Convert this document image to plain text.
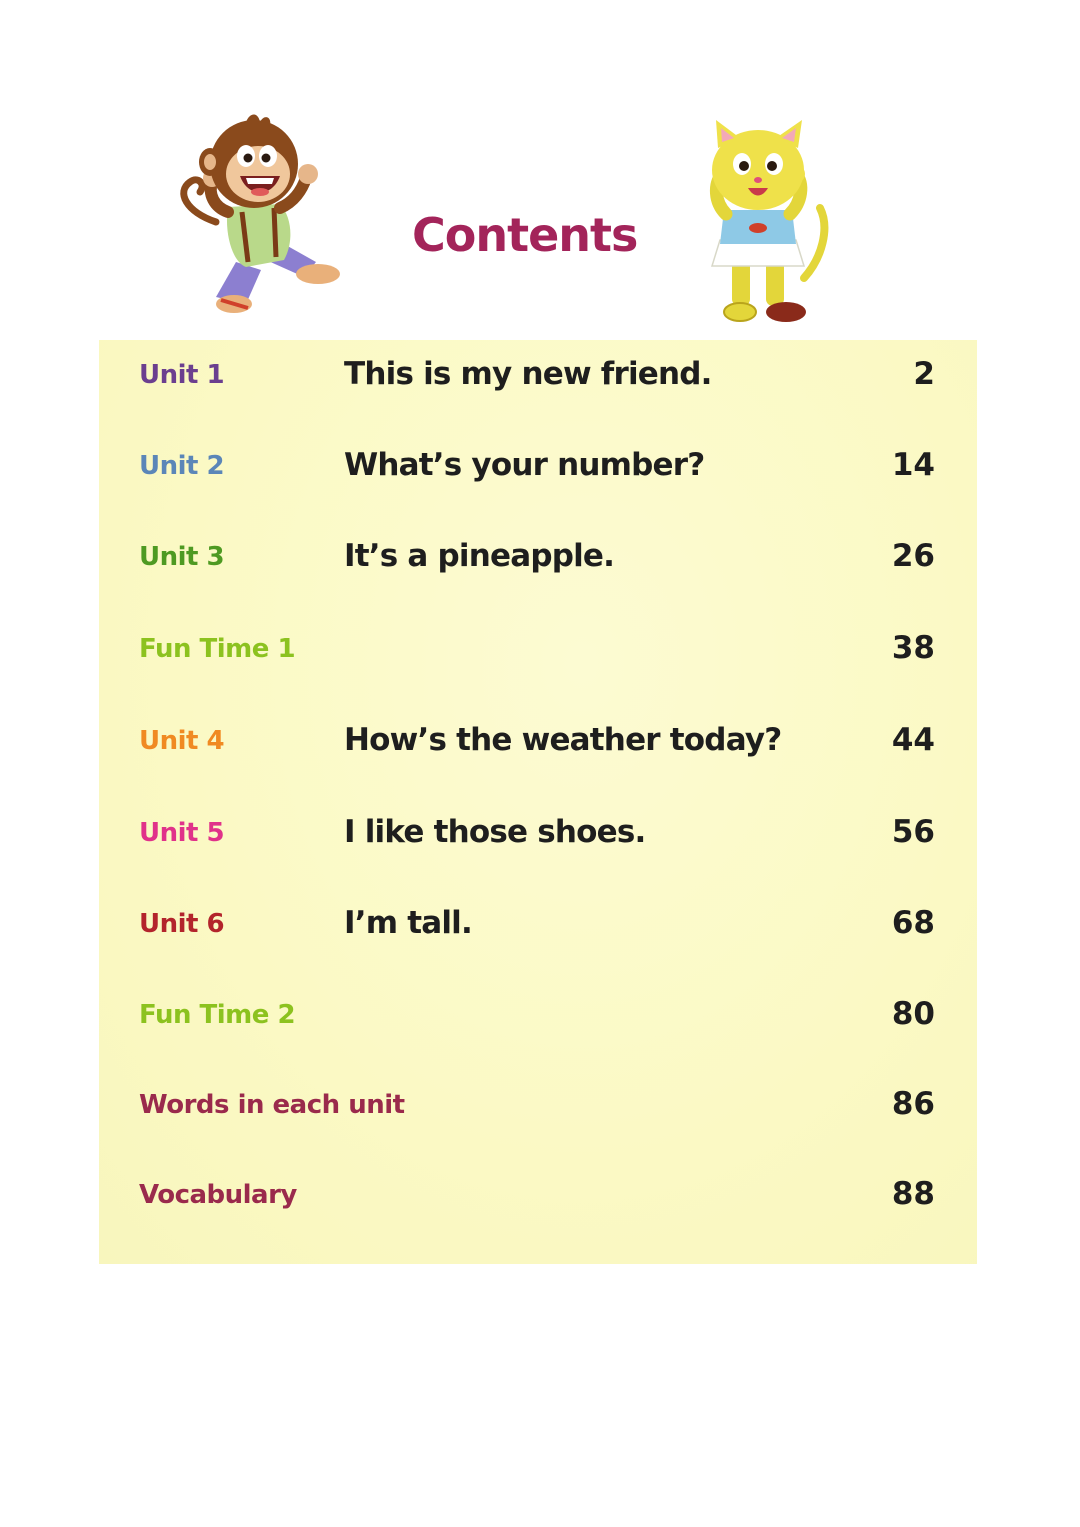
Contents
Unit 1	This is my new friend.	2
Unit 2	What’s your number?	14
Unit 3	It’s a pineapple.	26
Fun Time 1	38
Unit 4	How’s the weather today?	44
Unit 5	I like those shoes.	56
Unit 6	I’m tall.	68
Fun Time 2	80
Words in each unit	86
Vocabulary	88
